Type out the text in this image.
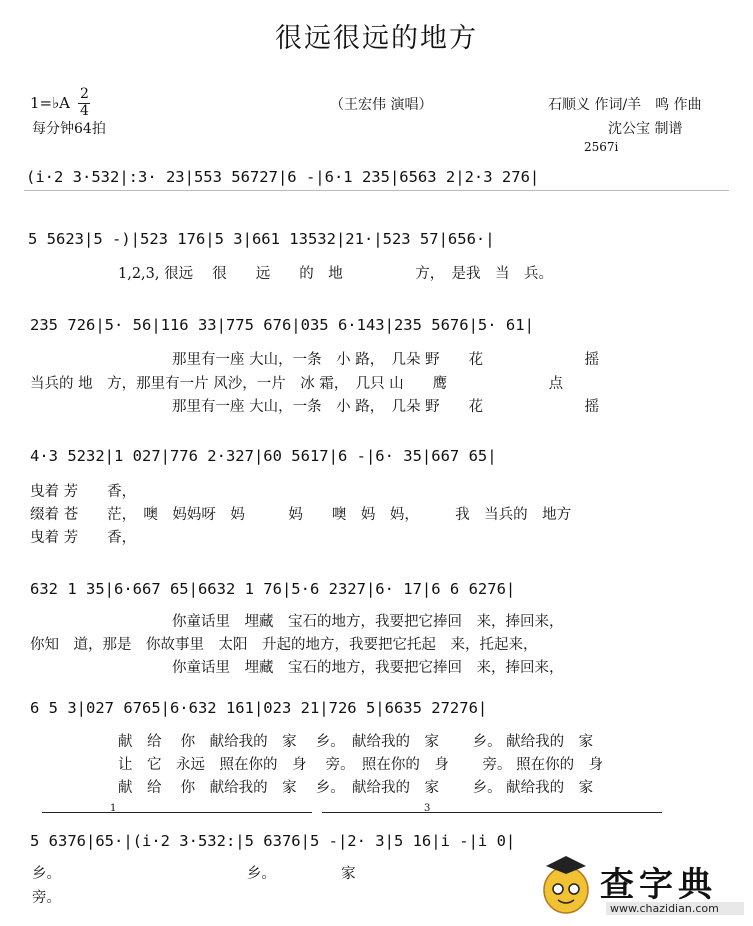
很远很远的地方
1=♭A 2
4
每分钟64拍
（王宏伟 演唱）	石顺义 作词/羊　鸣 作曲
沈公宝 制谱
2567i
(i·2 3·532|:3· 23|553 56727|6 -|6·1 235|6563 2|2·3 276|
5 5623|5 -)|523 176|5 3|661 13532|21·|523 57|656·|
1,2,3, 很远　 很　　远　　的　地　　　　　方，　是我　当　兵。
235 726|5· 56|116 33|775 676|035 6·143|235 5676|5· 61|
那里有一座 大山，一条　小 路，　几朵 野　　花　　　　　　　摇
当兵的 地　方，那里有一片 风沙，一片　冰 霜，　几只 山　　鹰　　　　　　　点
那里有一座 大山，一条　小 路，　几朵 野　　花　　　　　　　摇
4·3 5232|1 027|776 2·327|60 5617|6 -|6· 35|667 65|
曳着 芳　　香，
缀着 苍　　茫，　噢　妈妈呀　妈　　　妈　　噢　妈　妈，　　　我　当兵的　地方
曳着 芳　　香，
632 1 35|6·667 65|6632 1 76|5·6 2327|6· 17|6 6 6276|
你童话里　埋藏　宝石的地方，我要把它捧回　来，捧回来，
你知　道，那是　你故事里　太阳　升起的地方，我要把它托起　来，托起来，
你童话里　埋藏　宝石的地方，我要把它捧回　来，捧回来，
6 5 3|027 6765|6·632 161|023 21|726 5|6635 27276|
献　给　 你　献给我的　家　 乡。　献给我的　家　　 乡。 献给我的　家
让　它　永远　照在你的　身　 旁。　照在你的　身　　 旁。 照在你的　身
献　给　 你　献给我的　家　 乡。　献给我的　家　　 乡。 献给我的　家
1	3
5 6376|65·|(i·2 3·532:|5 6376|5 -|2· 3|5 16|i -|i 0|
乡。　　　　　　　　　　　　　 乡。　　　　　家
旁。	查字典
www.chazidian.com
